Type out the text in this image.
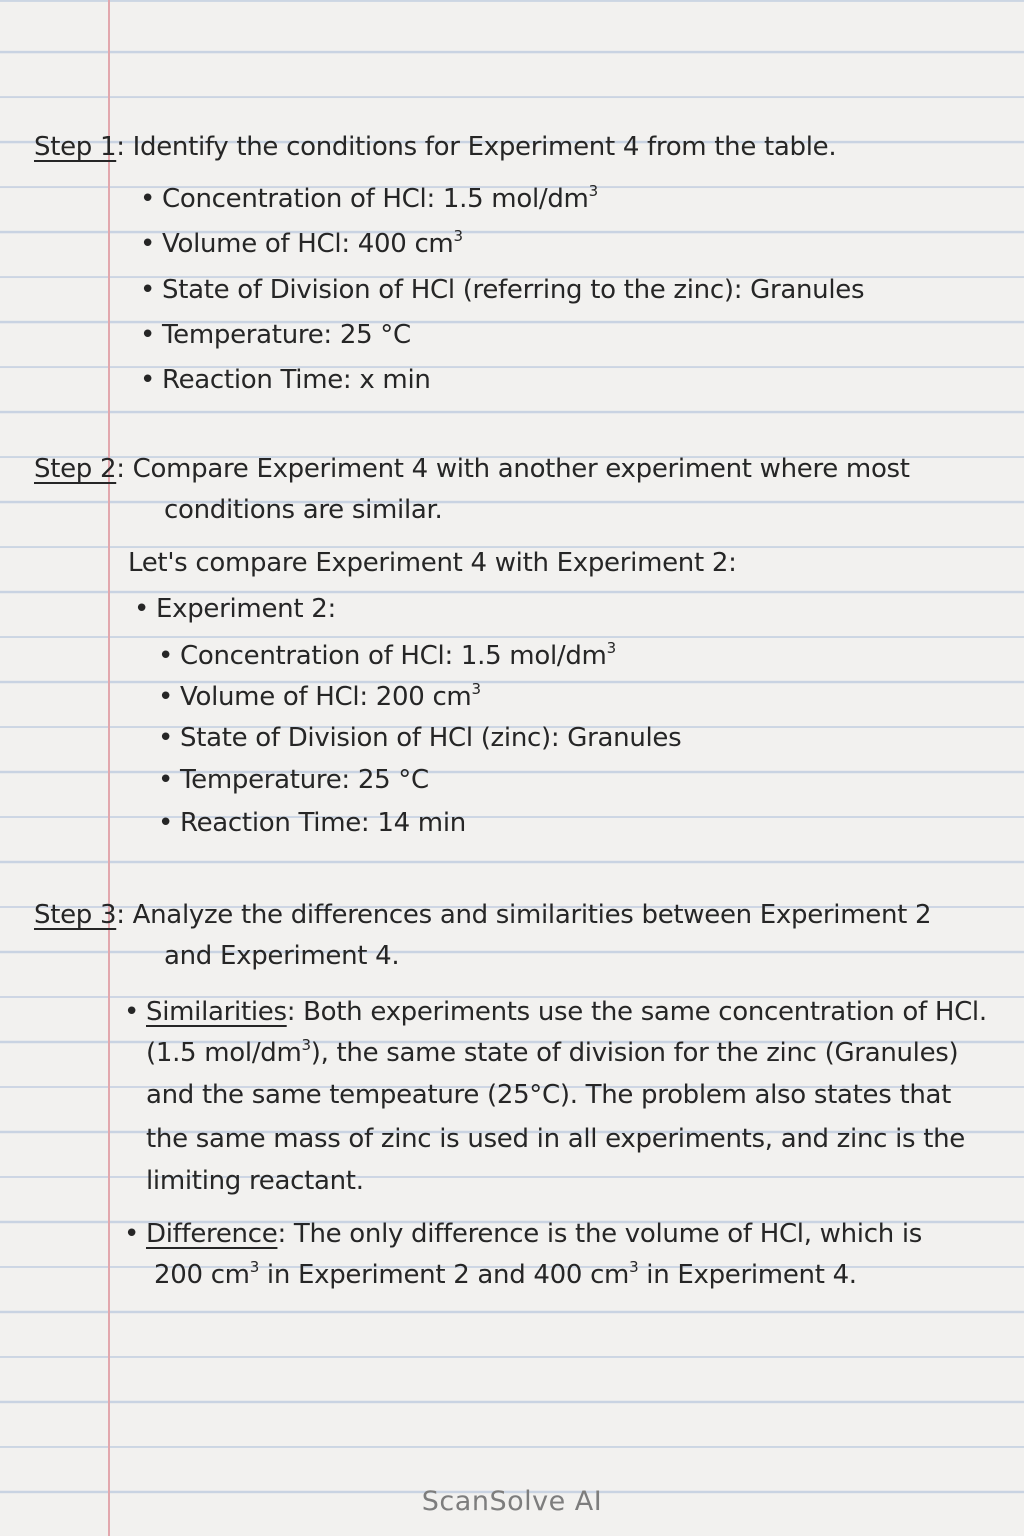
Step 1: Identify the conditions for Experiment 4 from the table.
• Concentration of HCl: 1.5 mol/$dm^3$
• Volume of HCl: 400 $cm^3$
• State of Division of HCl (referring to the zinc): Granules
• Temperature: 25 °C
• Reaction Time: x min
Step 2: Compare Experiment 4 with another experiment where most
conditions are similar.
Let's compare Experiment 4 with Experiment 2:
• Experiment 2:
• Concentration of HCl: 1.5 mol/$dm^3$
• Volume of HCl: 200 $cm^3$
• State of Division of HCl (zinc): Granules
• Temperature: 25 °C
• Reaction Time: 14 min
Step 3: Analyze the differences and similarities between Experiment 2
and Experiment 4.
• Similarities: Both experiments use the same concentration of HCl.
(1.5 mol/$dm^3$), the same state of division for the zinc (Granules)
and the same tempeature (25°C). The problem also states that
the same mass of zinc is used in all experiments, and zinc is the
limiting reactant.
• Difference: The only difference is the volume of HCl, which is
200 $cm^3$ in Experiment 2 and 400 $cm^3$ in Experiment 4.
ScanSolve AI
